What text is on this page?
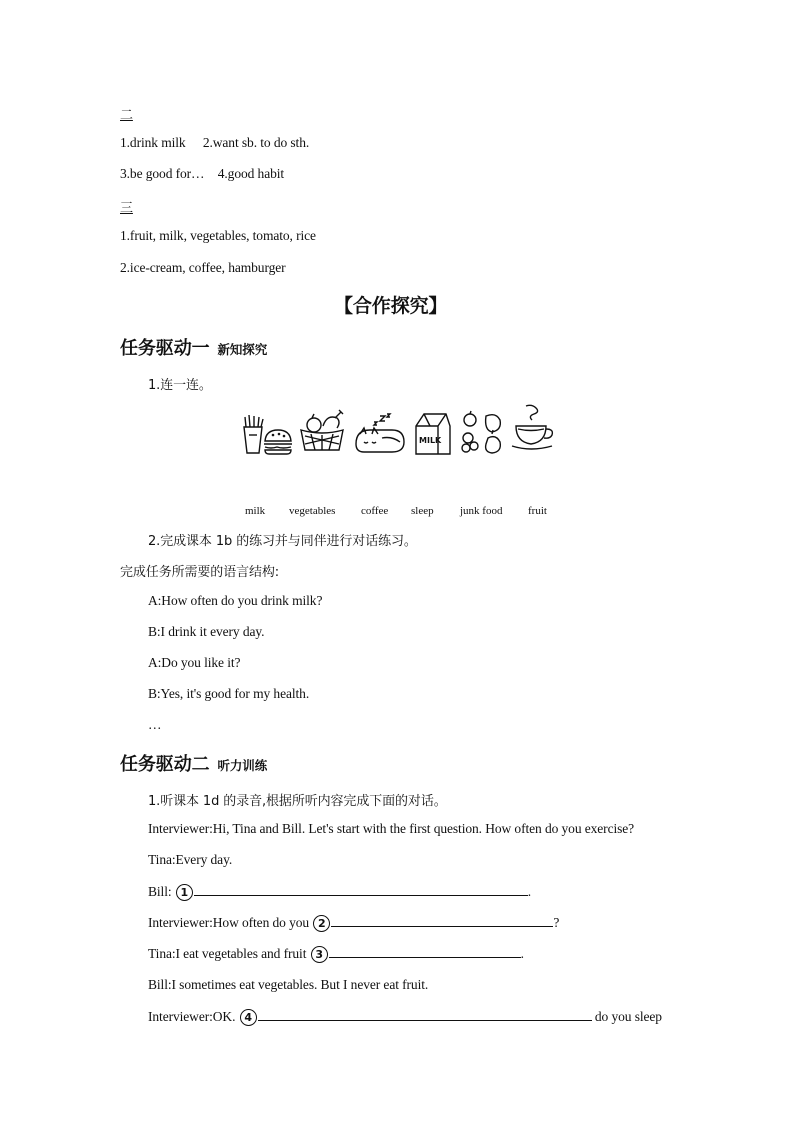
二
1.drink milk 2.want sb. to do sth.
3.be good for… 4.good habit
三
1.fruit, milk, vegetables, tomato, rice
2.ice-cream, coffee, hamburger
【合作探究】
任务驱动一 新知探究
1.连一连。
MILK
milk vegetables coffee sleep junk food fruit
2.完成课本 1b 的练习并与同伴进行对话练习。
完成任务所需要的语言结构:
A:How often do you drink milk?
B:I drink it every day.
A:Do you like it?
B:Yes, it's good for my health.
…
任务驱动二 听力训练
1.听课本 1d 的录音,根据所听内容完成下面的对话。
Interviewer:Hi, Tina and Bill. Let's start with the first question. How often do you exercise?
Tina:Every day.
Bill: 1	.
Interviewer:How often do you 2	?
Tina:I eat vegetables and fruit 3	.
Bill:I sometimes eat vegetables. But I never eat fruit.
Interviewer:OK. 4	do you sleep
